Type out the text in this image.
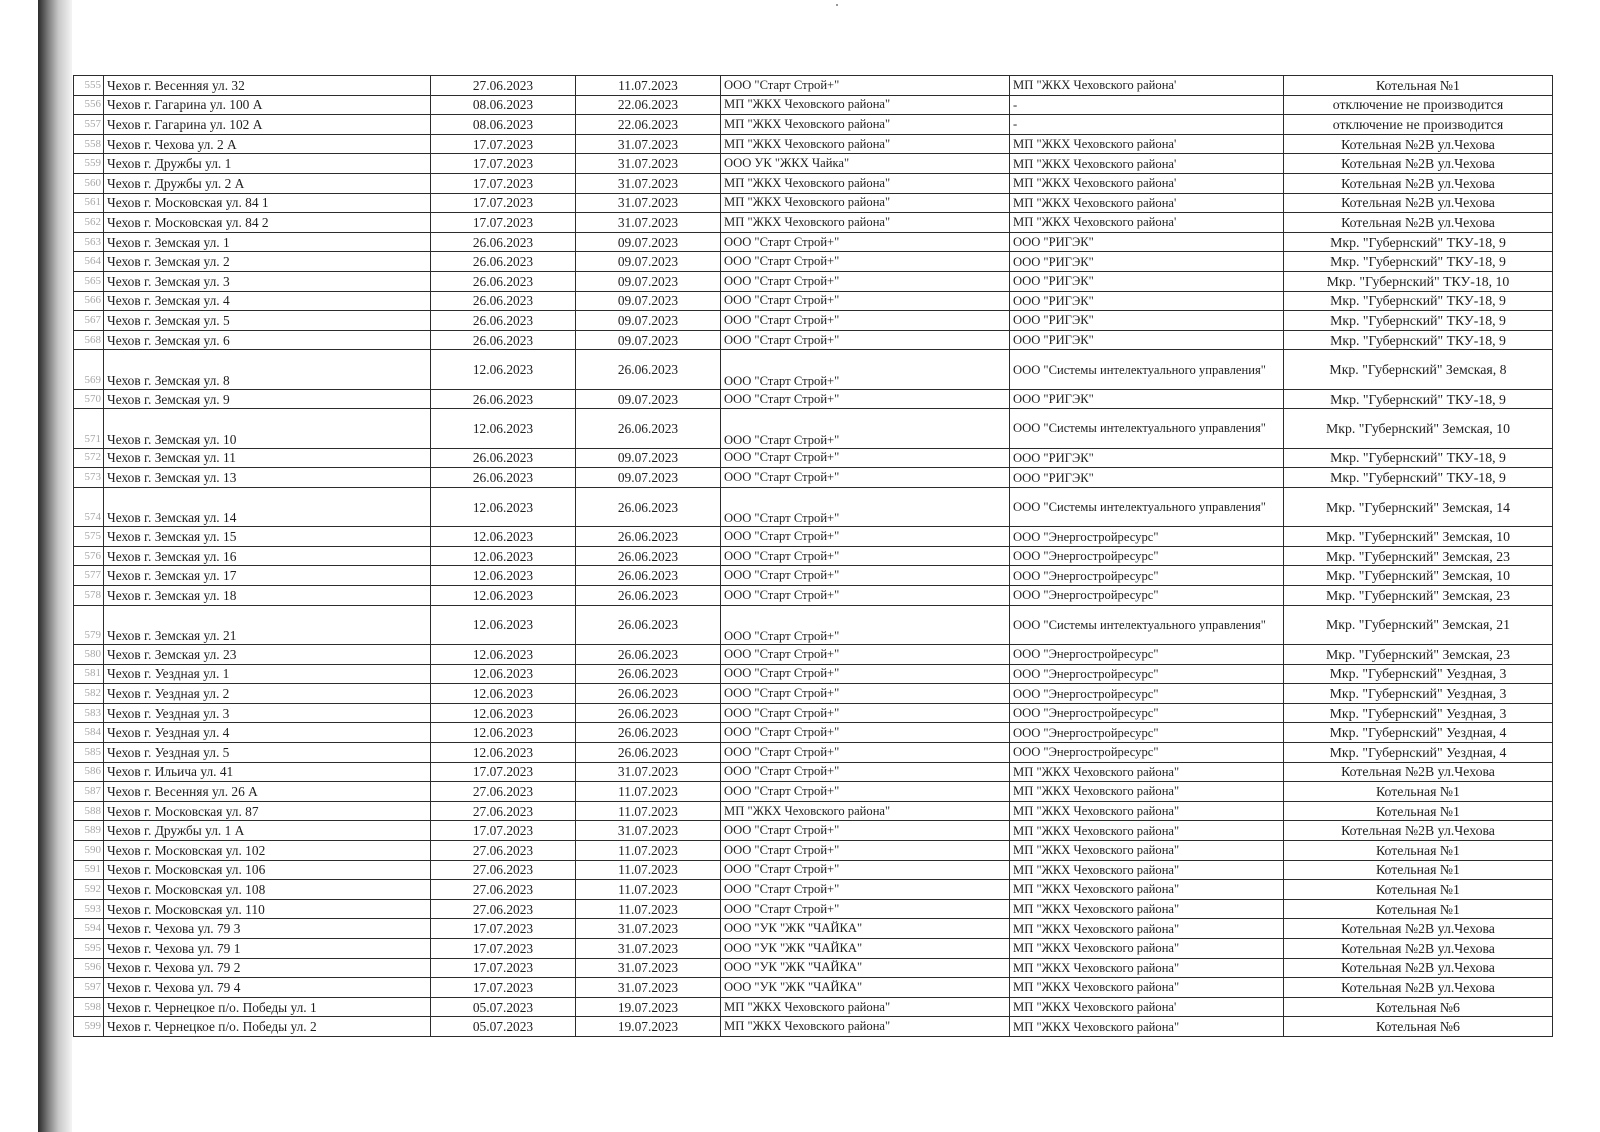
555	Чехов г. Весенняя ул. 32	27.06.2023	11.07.2023	ООО "Старт Строй+"	МП "ЖКХ Чеховского района'	Котельная №1
556	Чехов г. Гагарина ул. 100 А	08.06.2023	22.06.2023	МП "ЖКХ Чеховского района"	-	отключение не производится
557	Чехов г. Гагарина ул. 102 А	08.06.2023	22.06.2023	МП "ЖКХ Чеховского района"	-	отключение не производится
558	Чехов г. Чехова ул. 2 А	17.07.2023	31.07.2023	МП "ЖКХ Чеховского района"	МП "ЖКХ Чеховского района'	Котельная №2В ул.Чехова
559	Чехов г. Дружбы ул. 1	17.07.2023	31.07.2023	ООО УК "ЖКХ Чайка"	МП "ЖКХ Чеховского района'	Котельная №2В ул.Чехова
560	Чехов г. Дружбы ул. 2 А	17.07.2023	31.07.2023	МП "ЖКХ Чеховского района"	МП "ЖКХ Чеховского района'	Котельная №2В ул.Чехова
561	Чехов г. Московская ул. 84 1	17.07.2023	31.07.2023	МП "ЖКХ Чеховского района"	МП "ЖКХ Чеховского района'	Котельная №2В ул.Чехова
562	Чехов г. Московская ул. 84 2	17.07.2023	31.07.2023	МП "ЖКХ Чеховского района"	МП "ЖКХ Чеховского района'	Котельная №2В ул.Чехова
563	Чехов г. Земская ул. 1	26.06.2023	09.07.2023	ООО "Старт Строй+"	ООО "РИГЭК"	Мкр. "Губернский" ТКУ-18, 9
564	Чехов г. Земская ул. 2	26.06.2023	09.07.2023	ООО "Старт Строй+"	ООО "РИГЭК"	Мкр. "Губернский" ТКУ-18, 9
565	Чехов г. Земская ул. 3	26.06.2023	09.07.2023	ООО "Старт Строй+"	ООО "РИГЭК"	Мкр. "Губернский" ТКУ-18, 10
566	Чехов г. Земская ул. 4	26.06.2023	09.07.2023	ООО "Старт Строй+"	ООО "РИГЭК"	Мкр. "Губернский" ТКУ-18, 9
567	Чехов г. Земская ул. 5	26.06.2023	09.07.2023	ООО "Старт Строй+"	ООО "РИГЭК"	Мкр. "Губернский" ТКУ-18, 9
568	Чехов г. Земская ул. 6	26.06.2023	09.07.2023	ООО "Старт Строй+"	ООО "РИГЭК"	Мкр. "Губернский" ТКУ-18, 9
569	Чехов г. Земская ул. 8	12.06.2023	26.06.2023	ООО "Старт Строй+"	ООО "Системы интелектуального управления"	Мкр. "Губернский" Земская, 8
570	Чехов г. Земская ул. 9	26.06.2023	09.07.2023	ООО "Старт Строй+"	ООО "РИГЭК"	Мкр. "Губернский" ТКУ-18, 9
571	Чехов г. Земская ул. 10	12.06.2023	26.06.2023	ООО "Старт Строй+"	ООО "Системы интелектуального управления"	Мкр. "Губернский" Земская, 10
572	Чехов г. Земская ул. 11	26.06.2023	09.07.2023	ООО "Старт Строй+"	ООО "РИГЭК"	Мкр. "Губернский" ТКУ-18, 9
573	Чехов г. Земская ул. 13	26.06.2023	09.07.2023	ООО "Старт Строй+"	ООО "РИГЭК"	Мкр. "Губернский" ТКУ-18, 9
574	Чехов г. Земская ул. 14	12.06.2023	26.06.2023	ООО "Старт Строй+"	ООО "Системы интелектуального управления"	Мкр. "Губернский" Земская, 14
575	Чехов г. Земская ул. 15	12.06.2023	26.06.2023	ООО "Старт Строй+"	ООО "Энергостройресурс"	Мкр. "Губернский" Земская, 10
576	Чехов г. Земская ул. 16	12.06.2023	26.06.2023	ООО "Старт Строй+"	ООО "Энергостройресурс"	Мкр. "Губернский" Земская, 23
577	Чехов г. Земская ул. 17	12.06.2023	26.06.2023	ООО "Старт Строй+"	ООО "Энергостройресурс"	Мкр. "Губернский" Земская, 10
578	Чехов г. Земская ул. 18	12.06.2023	26.06.2023	ООО "Старт Строй+"	ООО "Энергостройресурс"	Мкр. "Губернский" Земская, 23
579	Чехов г. Земская ул. 21	12.06.2023	26.06.2023	ООО "Старт Строй+"	ООО "Системы интелектуального управления"	Мкр. "Губернский" Земская, 21
580	Чехов г. Земская ул. 23	12.06.2023	26.06.2023	ООО "Старт Строй+"	ООО "Энергостройресурс"	Мкр. "Губернский" Земская, 23
581	Чехов г. Уездная ул. 1	12.06.2023	26.06.2023	ООО "Старт Строй+"	ООО "Энергостройресурс"	Мкр. "Губернский" Уездная, 3
582	Чехов г. Уездная ул. 2	12.06.2023	26.06.2023	ООО "Старт Строй+"	ООО "Энергостройресурс"	Мкр. "Губернский" Уездная, 3
583	Чехов г. Уездная ул. 3	12.06.2023	26.06.2023	ООО "Старт Строй+"	ООО "Энергостройресурс"	Мкр. "Губернский" Уездная, 3
584	Чехов г. Уездная ул. 4	12.06.2023	26.06.2023	ООО "Старт Строй+"	ООО "Энергостройресурс"	Мкр. "Губернский" Уездная, 4
585	Чехов г. Уездная ул. 5	12.06.2023	26.06.2023	ООО "Старт Строй+"	ООО "Энергостройресурс"	Мкр. "Губернский" Уездная, 4
586	Чехов г. Ильича ул. 41	17.07.2023	31.07.2023	ООО "Старт Строй+"	МП "ЖКХ Чеховского района"	Котельная №2В ул.Чехова
587	Чехов г. Весенняя ул. 26 А	27.06.2023	11.07.2023	ООО "Старт Строй+"	МП "ЖКХ Чеховского района"	Котельная №1
588	Чехов г. Московская ул. 87	27.06.2023	11.07.2023	МП "ЖКХ Чеховского района"	МП "ЖКХ Чеховского района"	Котельная №1
589	Чехов г. Дружбы ул. 1 А	17.07.2023	31.07.2023	ООО "Старт Строй+"	МП "ЖКХ Чеховского района"	Котельная №2В ул.Чехова
590	Чехов г. Московская ул. 102	27.06.2023	11.07.2023	ООО "Старт Строй+"	МП "ЖКХ Чеховского района"	Котельная №1
591	Чехов г. Московская ул. 106	27.06.2023	11.07.2023	ООО "Старт Строй+"	МП "ЖКХ Чеховского района"	Котельная №1
592	Чехов г. Московская ул. 108	27.06.2023	11.07.2023	ООО "Старт Строй+"	МП "ЖКХ Чеховского района"	Котельная №1
593	Чехов г. Московская ул. 110	27.06.2023	11.07.2023	ООО "Старт Строй+"	МП "ЖКХ Чеховского района"	Котельная №1
594	Чехов г. Чехова ул. 79 3	17.07.2023	31.07.2023	ООО "УК "ЖК "ЧАЙКА"	МП "ЖКХ Чеховского района"	Котельная №2В ул.Чехова
595	Чехов г. Чехова ул. 79 1	17.07.2023	31.07.2023	ООО "УК "ЖК "ЧАЙКА"	МП "ЖКХ Чеховского района"	Котельная №2В ул.Чехова
596	Чехов г. Чехова ул. 79 2	17.07.2023	31.07.2023	ООО "УК "ЖК "ЧАЙКА"	МП "ЖКХ Чеховского района"	Котельная №2В ул.Чехова
597	Чехов г. Чехова ул. 79 4	17.07.2023	31.07.2023	ООО "УК "ЖК "ЧАЙКА"	МП "ЖКХ Чеховского района"	Котельная №2В ул.Чехова
598	Чехов г. Чернецкое п/о. Победы ул. 1	05.07.2023	19.07.2023	МП "ЖКХ Чеховского района"	МП "ЖКХ Чеховского района'	Котельная №6
599	Чехов г. Чернецкое п/о. Победы ул. 2	05.07.2023	19.07.2023	МП "ЖКХ Чеховского района"	МП "ЖКХ Чеховского района"	Котельная №6
